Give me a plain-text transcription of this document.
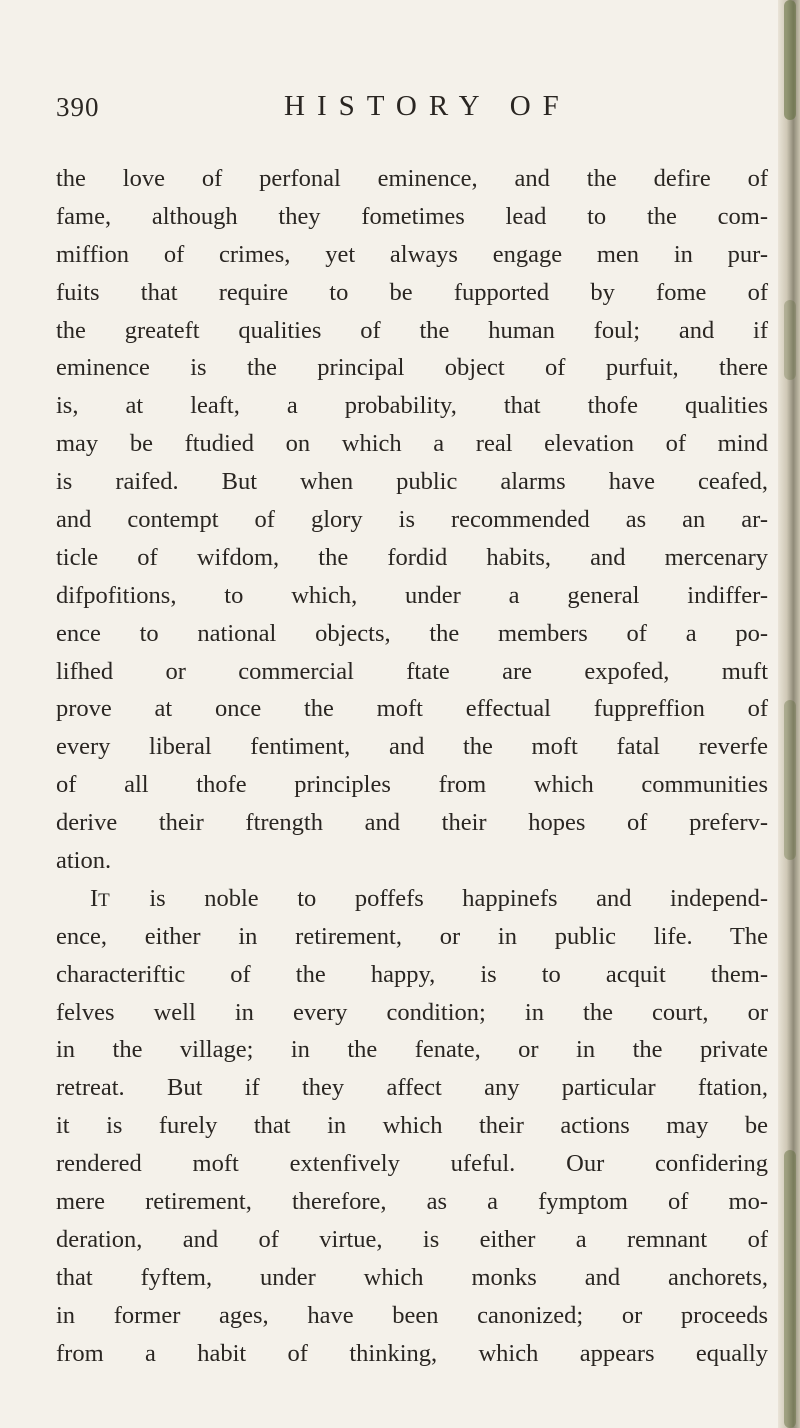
390	HISTORY OF
the love of perfonal eminence, and the defire of
fame, although they fometimes lead to the com-
miffion of crimes, yet always engage men in pur-
fuits that require to be fupported by fome of
the greateft qualities of the human foul; and if
eminence is the principal object of purfuit, there
is, at leaft, a probability, that thofe qualities
may be ftudied on which a real elevation of mind
is raifed. But when public alarms have ceafed,
and contempt of glory is recommended as an ar-
ticle of wifdom, the fordid habits, and mercenary
difpofitions, to which, under a general indiffer-
ence to national objects, the members of a po-
lifhed or commercial ftate are expofed, muft
prove at once the moft effectual fuppreffion of
every liberal fentiment, and the moft fatal reverfe
of all thofe principles from which communities
derive their ftrength and their hopes of preferv-
ation.
IT is noble to poffefs happinefs and independ-
ence, either in retirement, or in public life. The
characteriftic of the happy, is to acquit them-
felves well in every condition; in the court, or
in the village; in the fenate, or in the private
retreat. But if they affect any particular ftation,
it is furely that in which their actions may be
rendered moft extenfively ufeful. Our confidering
mere retirement, therefore, as a fymptom of mo-
deration, and of virtue, is either a remnant of
that fyftem, under which monks and anchorets,
in former ages, have been canonized; or proceeds
from a habit of thinking, which appears equally
